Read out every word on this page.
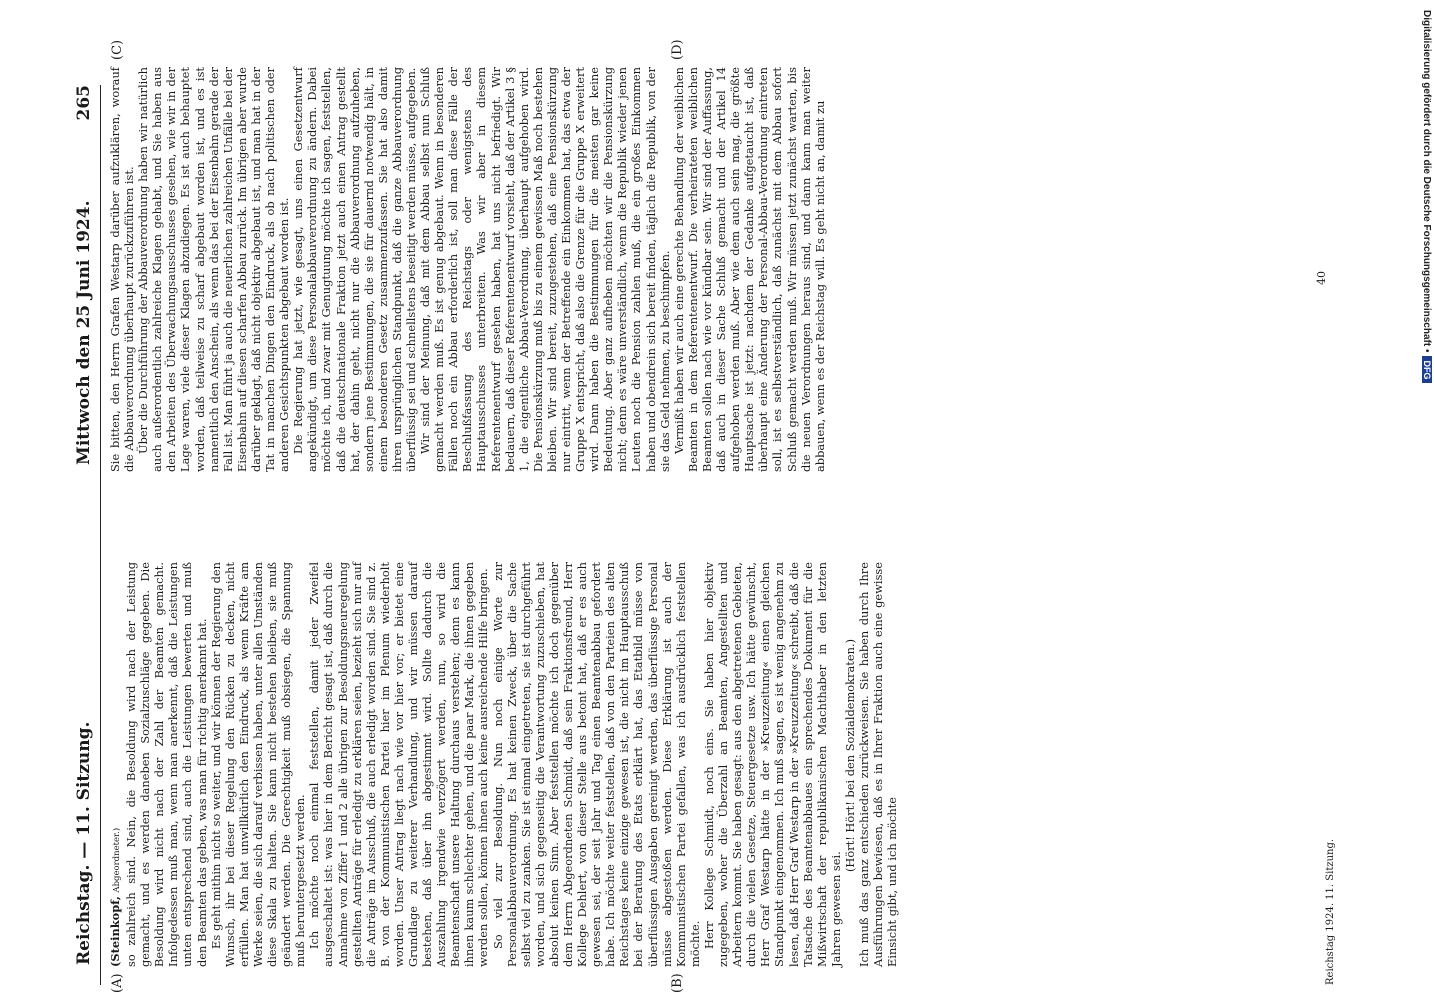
Reichstag. — 11. Sitzung.
Mittwoch den 25 Juni 1924.
265
(A)	(B)
(C)	(D)

(Steinkopf, Abgeordneter.) so zahlreich sind. Nein, die Besoldung wird nach der Leistung gemacht, und es werden daneben Sozialzuschläge gegeben. Die Besoldung wird nicht nach der Zahl der Beamten gemacht. Infolgedessen muß man, wenn man anerkennt, daß die Leistungen unten entsprechend sind, auch die Leistungen bewerten und muß den Beamten das geben, was man für richtig anerkannt hat. Es geht mithin nicht so weiter, und wir können der Regierung den Wunsch, ihr bei dieser Regelung den Rücken zu decken, nicht erfüllen. Man hat unwillkürlich den Eindruck, als wenn Kräfte am Werke seien, die sich darauf verbissen haben, unter allen Umständen diese Skala zu halten. Sie kann nicht bestehen bleiben, sie muß geändert werden. Die Gerechtigkeit muß obsiegen, die Spannung muß heruntergesetzt werden. Ich möchte noch einmal feststellen, damit jeder Zweifel ausgeschaltet ist: was hier in dem Bericht gesagt ist, daß durch die Annahme von Ziffer 1 und 2 alle übrigen zur Besoldungsneuregelung gestellten Anträge für erledigt zu erklären seien, bezieht sich nur auf die Anträge im Ausschuß, die auch erledigt worden sind. Sie sind z. B. von der Kommunistischen Partei hier im Plenum wiederholt worden. Unser Antrag liegt nach wie vor hier vor; er bietet eine Grundlage zu weiterer Verhandlung, und wir müssen darauf bestehen, daß über ihn abgestimmt wird. Sollte dadurch die Auszahlung irgendwie verzögert werden, nun, so wird die Beamtenschaft unsere Haltung durchaus verstehen; denn es kann ihnen kaum schlechter gehen, und die paar Mark, die ihnen gegeben werden sollen, können ihnen auch keine ausreichende Hilfe bringen. So viel zur Besoldung. Nun noch einige Worte zur Personalabbauverordnung. Es hat keinen Zweck, über die Sache selbst viel zu zanken. Sie ist einmal eingetreten, sie ist durchgeführt worden, und sich gegenseitig die Verantwortung zuzuschieben, hat absolut keinen Sinn. Aber feststellen möchte ich doch gegenüber dem Herrn Abgeordneten Schmidt, daß sein Fraktionsfreund, Herr Kollege Dehlert, von dieser Stelle aus betont hat, daß er es auch gewesen sei, der seit Jahr und Tag einen Beamtenabbau gefordert habe. Ich möchte weiter feststellen, daß von den Parteien des alten Reichstages keine einzige gewesen ist, die nicht im Hauptausschuß bei der Beratung des Etats erklärt hat, das Etatbild müsse von überflüssigen Ausgaben gereinigt werden, das überflüssige Personal müsse abgestoßen werden. Diese Erklärung ist auch der Kommunistischen Partei gefallen, was ich ausdrücklich feststellen möchte. Herr Kollege Schmidt, noch eins. Sie haben hier objektiv zugegeben, woher die Überzahl an Beamten, Angestellten und Arbeitern kommt. Sie haben gesagt: aus den abgetretenen Gebieten, durch die vielen Gesetze, Steuergesetze usw. Ich hätte gewünscht, Herr Graf Westarp hätte in der »Kreuzzeitung« einen gleichen Standpunkt eingenommen. Ich muß sagen, es ist wenig angenehm zu lesen, daß Herr Graf Westarp in der »Kreuzzeitung« schreibt, daß die Tatsache des Beamtenabbaues ein sprechendes Dokument für die Mißwirtschaft der republikanischen Machthaber in den letzten Jahren gewesen sei.

(Hört! Hört! bei den Sozialdemokraten.) Ich muß das ganz entschieden zurückweisen. Sie haben durch Ihre Ausführungen bewiesen, daß es in Ihrer Fraktion auch eine gewisse Einsicht gibt, und ich möchte

Sie bitten, den Herrn Grafen Westarp darüber aufzuklären, worauf die Abbauverordnung überhaupt zurückzuführen ist. Über die Durchführung der Abbauverordnung haben wir natürlich auch außerordentlich zahlreiche Klagen gehabt, und Sie haben aus den Arbeiten des Überwachungsausschusses gesehen, wie wir in der Lage waren, viele dieser Klagen abzudiegen. Es ist auch behauptet worden, daß teilweise zu scharf abgebaut worden ist, und es ist namentlich den Anschein, als wenn das bei der Eisenbahn gerade der Fall ist. Man führt ja auch die neuerlichen zahlreichen Unfälle bei der Eisenbahn auf diesen scharfen Abbau zurück. Im übrigen aber wurde darüber geklagt, daß nicht objektiv abgebaut ist, und man hat in der Tat in manchen Dingen den Eindruck, als ob nach politischen oder anderen Gesichtspunkten abgebaut worden ist. Die Regierung hat jetzt, wie gesagt, uns einen Gesetzentwurf angekündigt, um diese Personalabbauverordnung zu ändern. Dabei möchte ich, und zwar mit Genugtuung möchte ich sagen, feststellen, daß die deutschnationale Fraktion jetzt auch einen Antrag gestellt hat, der dahin geht, nicht nur die Abbauverordnung aufzuheben, sondern jene Bestimmungen, die sie für dauernd notwendig hält, in einem besonderen Gesetz zusammenzufassen. Sie hat also damit ihren ursprünglichen Standpunkt, daß die ganze Abbauverordnung überflüssig sei und schnellstens beseitigt werden müsse, aufgegeben. Wir sind der Meinung, daß mit dem Abbau selbst nun Schluß gemacht werden muß. Es ist genug abgebaut. Wenn in besonderen Fällen noch ein Abbau erforderlich ist, soll man diese Fälle der Beschlußfassung des Reichstags oder wenigstens des Hauptausschusses unterbreiten. Was wir aber in diesem Referentenentwurf gesehen haben, hat uns nicht befriedigt. Wir bedauern, daß dieser Referentenentwurf vorsieht, daß der Artikel 3 § 1, die eigentliche Abbau-Verordnung, überhaupt aufgehoben wird. Die Pensionskürzung muß bis zu einem gewissen Maß noch bestehen bleiben. Wir sind bereit, zuzugestehen, daß eine Pensionskürzung nur eintritt, wenn der Betreffende ein Einkommen hat, das etwa der Gruppe X entspricht, daß also die Grenze für die Gruppe X erweitert wird. Dann haben die Bestimmungen für die meisten gar keine Bedeutung. Aber ganz aufheben möchten wir die Pensionskürzung nicht; denn es wäre unverständlich, wenn die Republik wieder jenen Leuten noch die Pension zahlen muß, die ein großes Einkommen haben und obendrein sich bereit finden, täglich die Republik, von der sie das Geld nehmen, zu beschimpfen. Vermißt haben wir auch eine gerechte Behandlung der weiblichen Beamten in dem Referentenentwurf. Die verheirateten weiblichen Beamten sollen nach wie vor kündbar sein. Wir sind der Auffassung, daß auch in dieser Sache Schluß gemacht und der Artikel 14 aufgehoben werden muß. Aber wie dem auch sein mag, die größte Hauptsache ist jetzt: nachdem der Gedanke aufgetaucht ist, daß überhaupt eine Änderung der Personal-Abbau-Verordnung eintreten soll, ist es selbstverständlich, daß zunächst mit dem Abbau sofort Schluß gemacht werden muß. Wir müssen jetzt zunächst warten, bis die neuen Verordnungen heraus sind, und dann kann man weiter abbauen, wenn es der Reichstag will. Es geht nicht an, damit zu

Reichstag 1924. 11. Sitzung.
40	Digitalisierung gefördert durch die Deutsche Forschungsgemeinschaft •DFG
